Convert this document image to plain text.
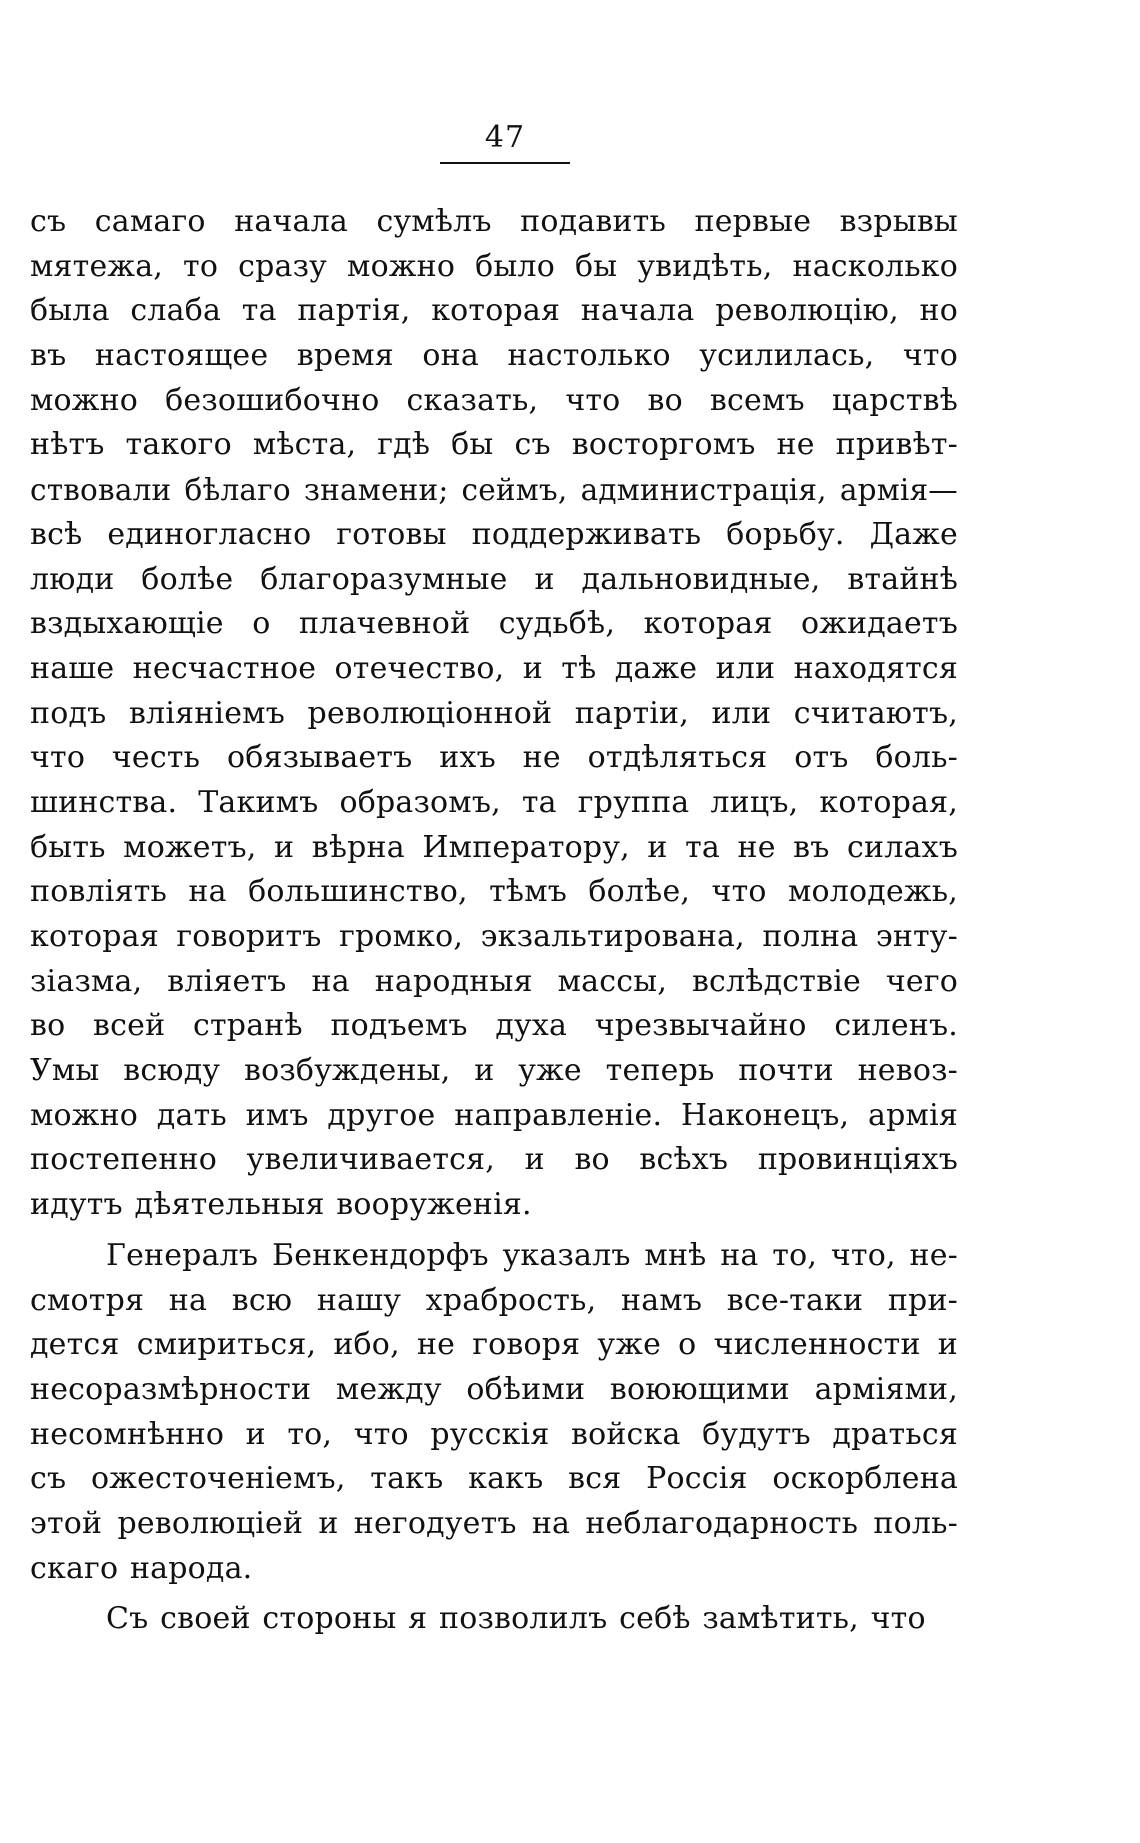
47

съ самаго начала сумѣлъ подавить первые взрывы
мятежа, то сразу можно было бы увидѣть, насколько
была слаба та партія, которая начала революцію, но
въ настоящее время она настолько усилилась, что
можно безошибочно сказать, что во всемъ царствѣ
нѣтъ такого мѣста, гдѣ бы съ восторгомъ не привѣт-
ствовали бѣлаго знамени; сеймъ, администрація, армія—
всѣ единогласно готовы поддерживать борьбу. Даже
люди болѣе благоразумные и дальновидные, втайнѣ
вздыхающіе о плачевной судьбѣ, которая ожидаетъ
наше несчастное отечество, и тѣ даже или находятся
подъ вліяніемъ революціонной партіи, или считаютъ,
что честь обязываетъ ихъ не отдѣляться отъ боль-
шинства. Такимъ образомъ, та группа лицъ, которая,
быть можетъ, и вѣрна Императору, и та не въ силахъ
повліять на большинство, тѣмъ болѣе, что молодежь,
которая говоритъ громко, экзальтирована, полна энту-
зіазма, вліяетъ на народныя массы, вслѣдствіе чего
во всей странѣ подъемъ духа чрезвычайно силенъ.
Умы всюду возбуждены, и уже теперь почти невоз-
можно дать имъ другое направленіе. Наконецъ, армія
постепенно увеличивается, и во всѣхъ провинціяхъ
идутъ дѣятельныя вооруженія.

Генералъ Бенкендорфъ указалъ мнѣ на то, что, не-
смотря на всю нашу храбрость, намъ все-таки при-
дется смириться, ибо, не говоря уже о численности и
несоразмѣрности между обѣими воюющими арміями,
несомнѣнно и то, что русскія войска будутъ драться
съ ожесточеніемъ, такъ какъ вся Россія оскорблена
этой революціей и негодуетъ на неблагодарность поль-
скаго народа.

Съ своей стороны я позволилъ себѣ замѣтить, что
